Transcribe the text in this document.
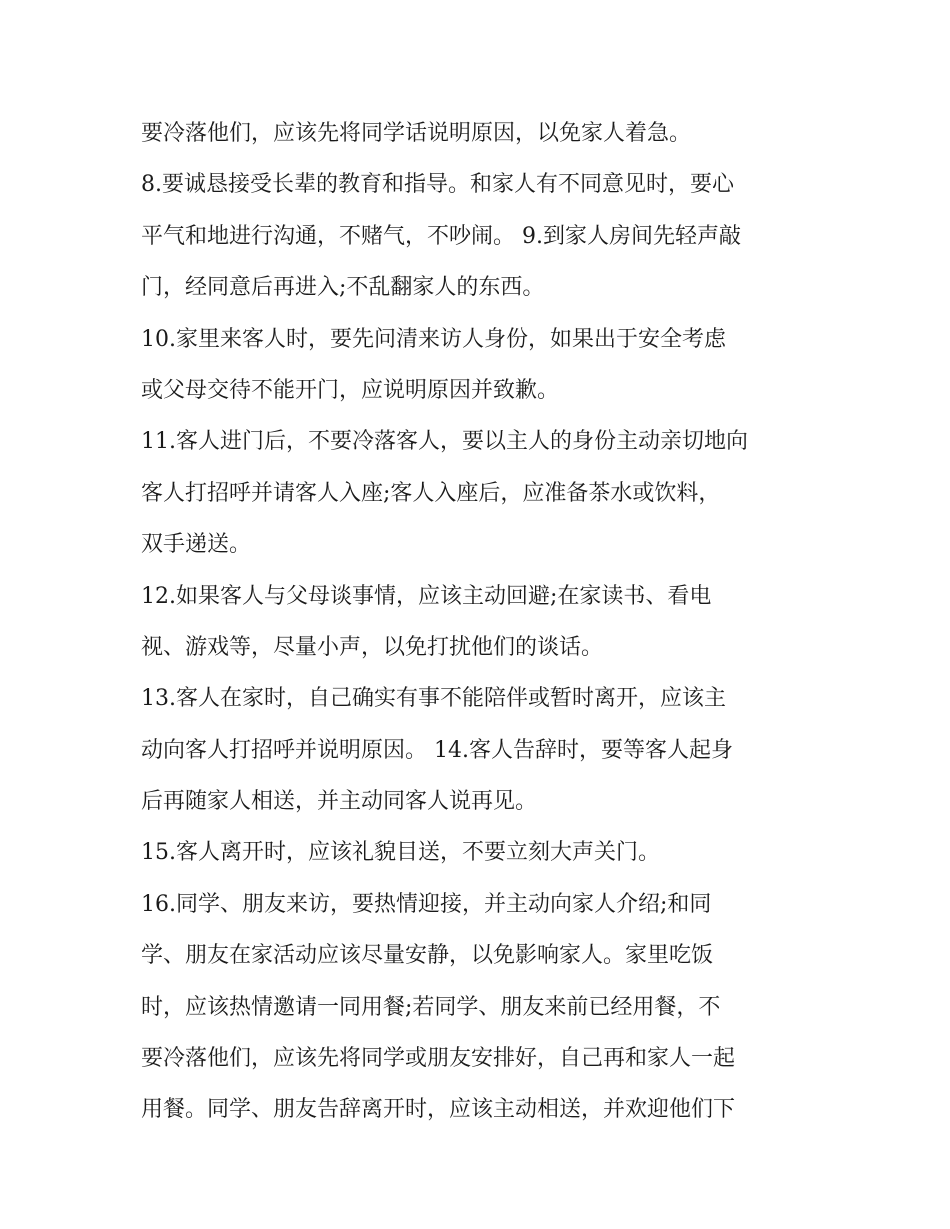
要冷落他们，应该先将同学话说明原因，以免家人着急。
8.要诚恳接受长辈的教育和指导。和家人有不同意见时，要心
平气和地进行沟通，不赌气，不吵闹。 9.到家人房间先轻声敲
门，经同意后再进入;不乱翻家人的东西。
10.家里来客人时，要先问清来访人身份，如果出于安全考虑
或父母交待不能开门，应说明原因并致歉。
11.客人进门后，不要冷落客人，要以主人的身份主动亲切地向
客人打招呼并请客人入座;客人入座后，应准备茶水或饮料，
双手递送。
12.如果客人与父母谈事情，应该主动回避;在家读书、看电
视、游戏等，尽量小声，以免打扰他们的谈话。
13.客人在家时，自己确实有事不能陪伴或暂时离开，应该主
动向客人打招呼并说明原因。 14.客人告辞时，要等客人起身
后再随家人相送，并主动同客人说再见。
15.客人离开时，应该礼貌目送，不要立刻大声关门。
16.同学、朋友来访，要热情迎接，并主动向家人介绍;和同
学、朋友在家活动应该尽量安静，以免影响家人。家里吃饭
时，应该热情邀请一同用餐;若同学、朋友来前已经用餐，不
要冷落他们，应该先将同学或朋友安排好，自己再和家人一起
用餐。同学、朋友告辞离开时，应该主动相送，并欢迎他们下
